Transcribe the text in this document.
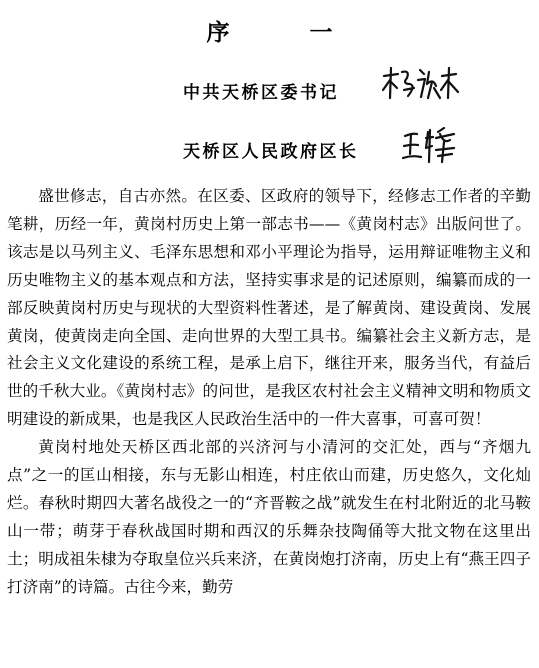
序 一
中共天桥区委书记
天桥区人民政府区长

盛世修志，自古亦然。在区委、区政府的领导下，经修志工作者的辛勤笔耕，历经一年，黄岗村历史上第一部志书——《黄岗村志》出版问世了。该志是以马列主义、毛泽东思想和邓小平理论为指导，运用辩证唯物主义和历史唯物主义的基本观点和方法，坚持实事求是的记述原则，编纂而成的一部反映黄岗村历史与现状的大型资料性著述，是了解黄岗、建设黄岗、发展黄岗，使黄岗走向全国、走向世界的大型工具书。编纂社会主义新方志，是社会主义文化建设的系统工程，是承上启下，继往开来，服务当代，有益后世的千秋大业。《黄岗村志》的问世，是我区农村社会主义精神文明和物质文明建设的新成果，也是我区人民政治生活中的一件大喜事，可喜可贺！

黄岗村地处天桥区西北部的兴济河与小清河的交汇处，西与“齐烟九点”之一的匡山相接，东与无影山相连，村庄依山而建，历史悠久，文化灿烂。春秋时期四大著名战役之一的“齐晋鞍之战”就发生在村北附近的北马鞍山一带；萌芽于春秋战国时期和西汉的乐舞杂技陶俑等大批文物在这里出土；明成祖朱棣为夺取皇位兴兵来济，在黄岗炮打济南，历史上有“燕王四子打济南”的诗篇。古往今来，勤劳
